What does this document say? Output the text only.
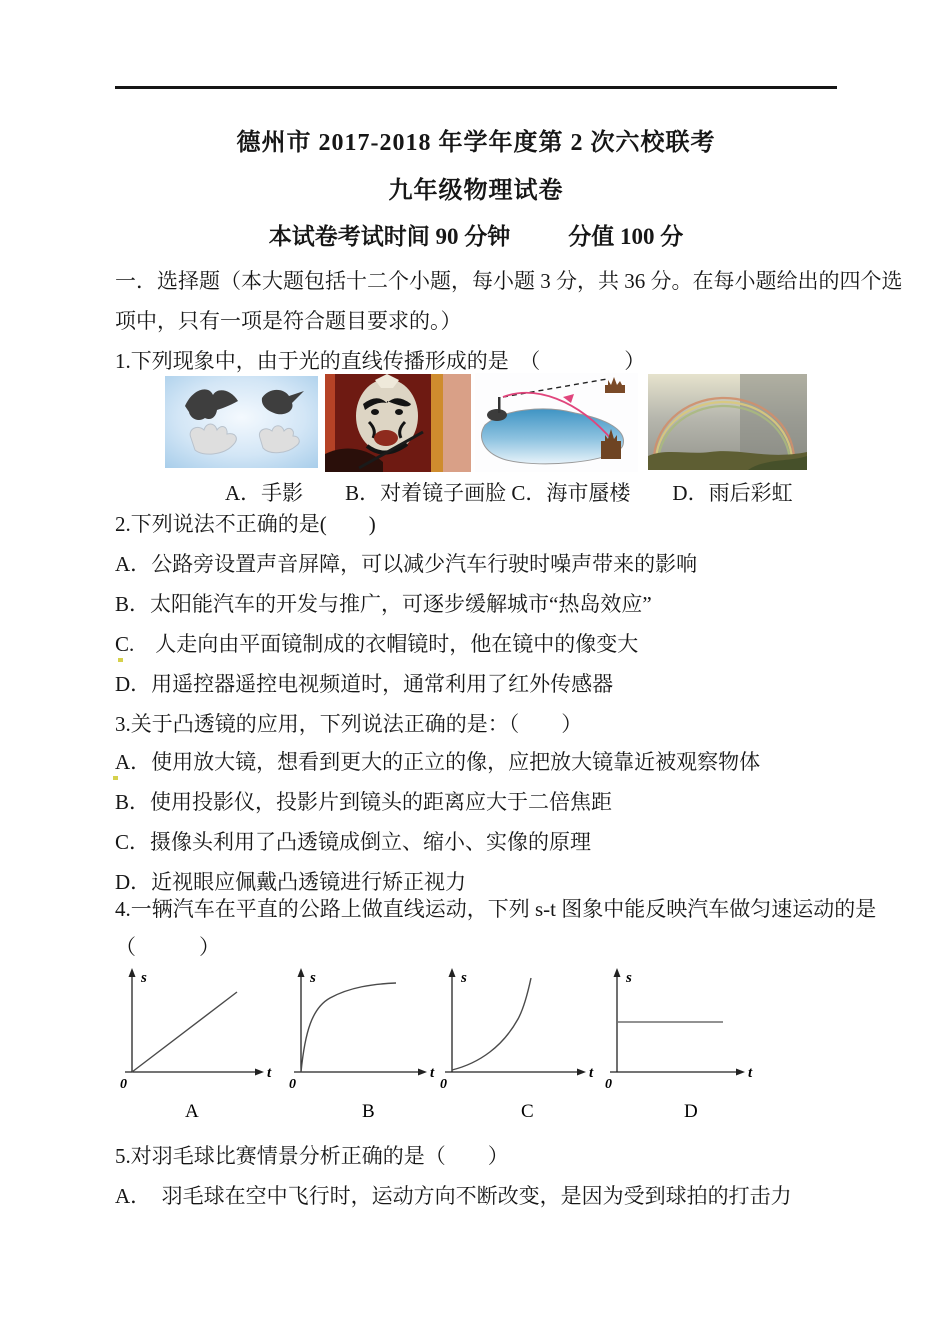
德州市 2017-2018 年学年度第 2 次六校联考
九年级物理试卷
本试卷考试时间 90 分钟	分值 100 分
一．选择题（本大题包括十二个小题，每小题 3 分，共 36 分。在每小题给出的四个选
项中，只有一项是符合题目要求的。）
1.下列现象中，由于光的直线传播形成的是　（　　　　）
A．手影　　B．对着镜子画脸 C．海市蜃楼　　D．雨后彩虹
2.下列说法不正确的是(　　)
A．公路旁设置声音屏障，可以减少汽车行驶时噪声带来的影响
B．太阳能汽车的开发与推广，可逐步缓解城市“热岛效应”
C.　人走向由平面镜制成的衣帽镜时，他在镜中的像变大
D．用遥控器遥控电视频道时，通常利用了红外传感器
3.关于凸透镜的应用，下列说法正确的是：（　　）
A．使用放大镜，想看到更大的正立的像，应把放大镜靠近被观察物体
B．使用投影仪，投影片到镜头的距离应大于二倍焦距
C．摄像头利用了凸透镜成倒立、缩小、实像的原理
D．近视眼应佩戴凸透镜进行矫正视力
4.一辆汽车在平直的公路上做直线运动，下列 s-t 图象中能反映汽车做匀速运动的是
（　　　）
s
t
0
A
s
t
0
B
s
t
0
C
s
t
0
D
5.对羽毛球比赛情景分析正确的是（　　）
A．　羽毛球在空中飞行时，运动方向不断改变，是因为受到球拍的打击力
